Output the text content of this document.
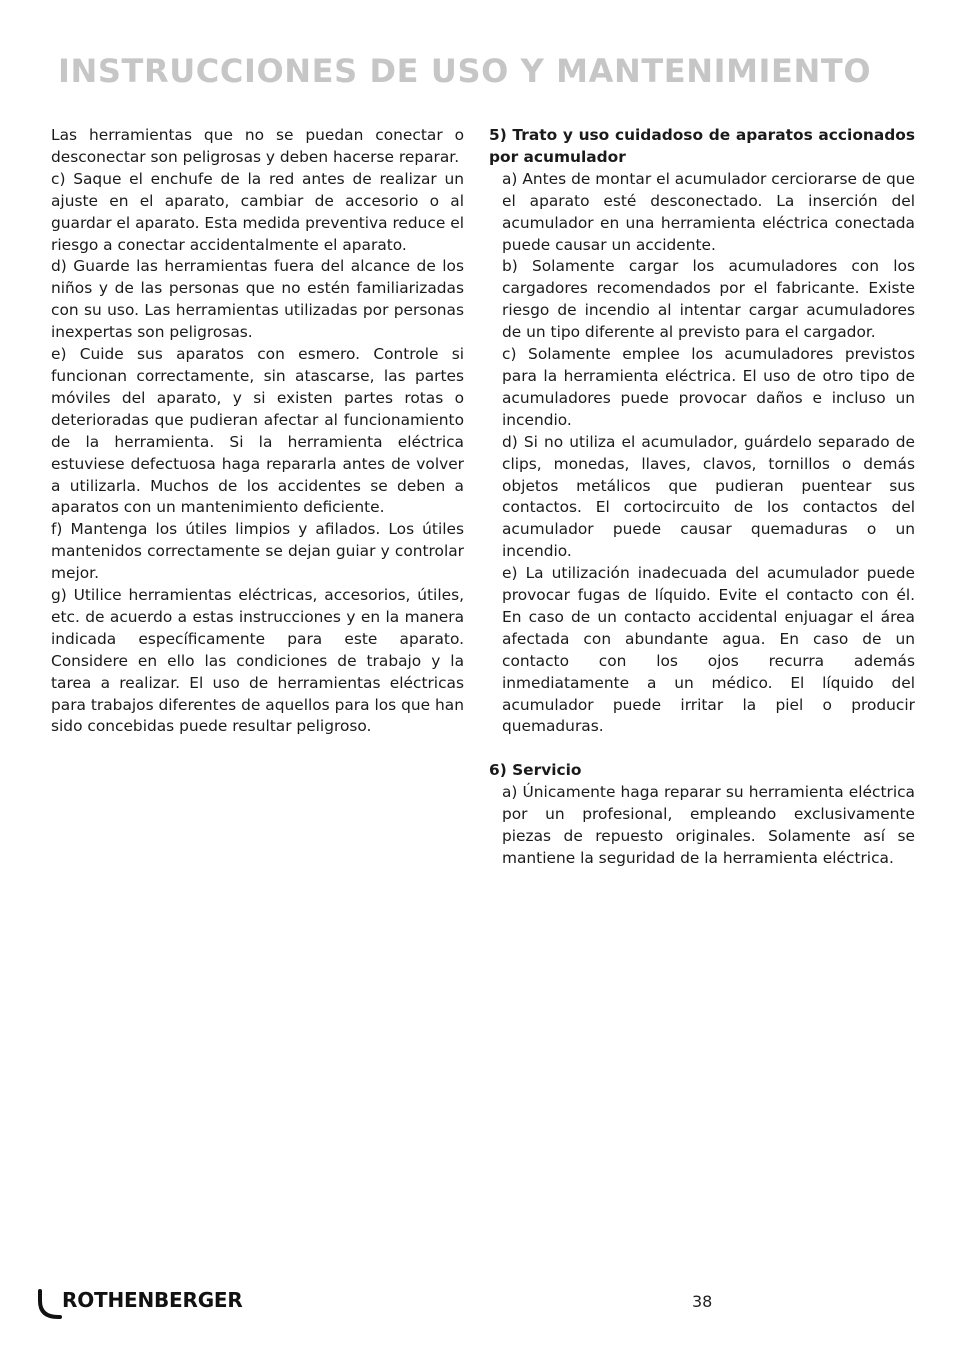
INSTRUCCIONES DE USO Y MANTENIMIENTO

Las herramientas que no se puedan conectar o desconectar son peligrosas y deben hacerse reparar.

c) Saque el enchufe de la red antes de realizar un ajuste en el aparato, cambiar de accesorio o al guardar el aparato. Esta medida preventiva reduce el riesgo a conectar accidentalmente el aparato.

d) Guarde las herramientas fuera del alcance de los niños y de las personas que no estén familiarizadas con su uso. Las herramientas utilizadas por personas inexpertas son peligrosas.

e) Cuide sus aparatos con esmero. Controle si funcionan correctamente, sin atascarse, las partes móviles del aparato, y si existen partes rotas o deterioradas que pudieran afectar al funcionamiento de la herramienta. Si la herramienta eléctrica estuviese defectuosa haga repararla antes de volver a utilizarla. Muchos de los accidentes se deben a aparatos con un mantenimiento deficiente.

f) Mantenga los útiles limpios y afilados. Los útiles mantenidos correctamente se dejan guiar y controlar mejor.

g) Utilice herramientas eléctricas, accesorios, útiles, etc. de acuerdo a estas instrucciones y en la manera indicada específicamente para este aparato. Considere en ello las condiciones de trabajo y la tarea a realizar. El uso de herramientas eléctricas para trabajos diferentes de aquellos para los que han sido concebidas puede resultar peligroso.

5) Trato y uso cuidadoso de aparatos accionados por acumulador

a) Antes de montar el acumulador cerciorarse de que el aparato esté desconectado. La inserción del acumulador en una herramienta eléctrica conectada puede causar un accidente.

b) Solamente cargar los acumuladores con los cargadores recomendados por el fabricante. Existe riesgo de incendio al intentar cargar acumuladores de un tipo diferente al previsto para el cargador.

c) Solamente emplee los acumuladores previstos para la herramienta eléctrica. El uso de otro tipo de acumuladores puede provocar daños e incluso un incendio.

d) Si no utiliza el acumulador, guárdelo separado de clips, monedas, llaves, clavos, tornillos o demás objetos metálicos que pudieran puentear sus contactos. El cortocircuito de los contactos del acumulador puede causar quemaduras o un incendio.

e) La utilización inadecuada del acumulador puede provocar fugas de líquido. Evite el contacto con él. En caso de un contacto accidental enjuagar el área afectada con abundante agua. En caso de un contacto con los ojos recurra además inmediatamente a un médico. El líquido del acumulador puede irritar la piel o producir quemaduras.

6) Servicio

a) Únicamente haga reparar su herramienta eléctrica por un profesional, empleando exclusivamente piezas de repuesto originales. Solamente así se mantiene la seguridad de la herramienta eléctrica.

ROTHENBERGER	38
